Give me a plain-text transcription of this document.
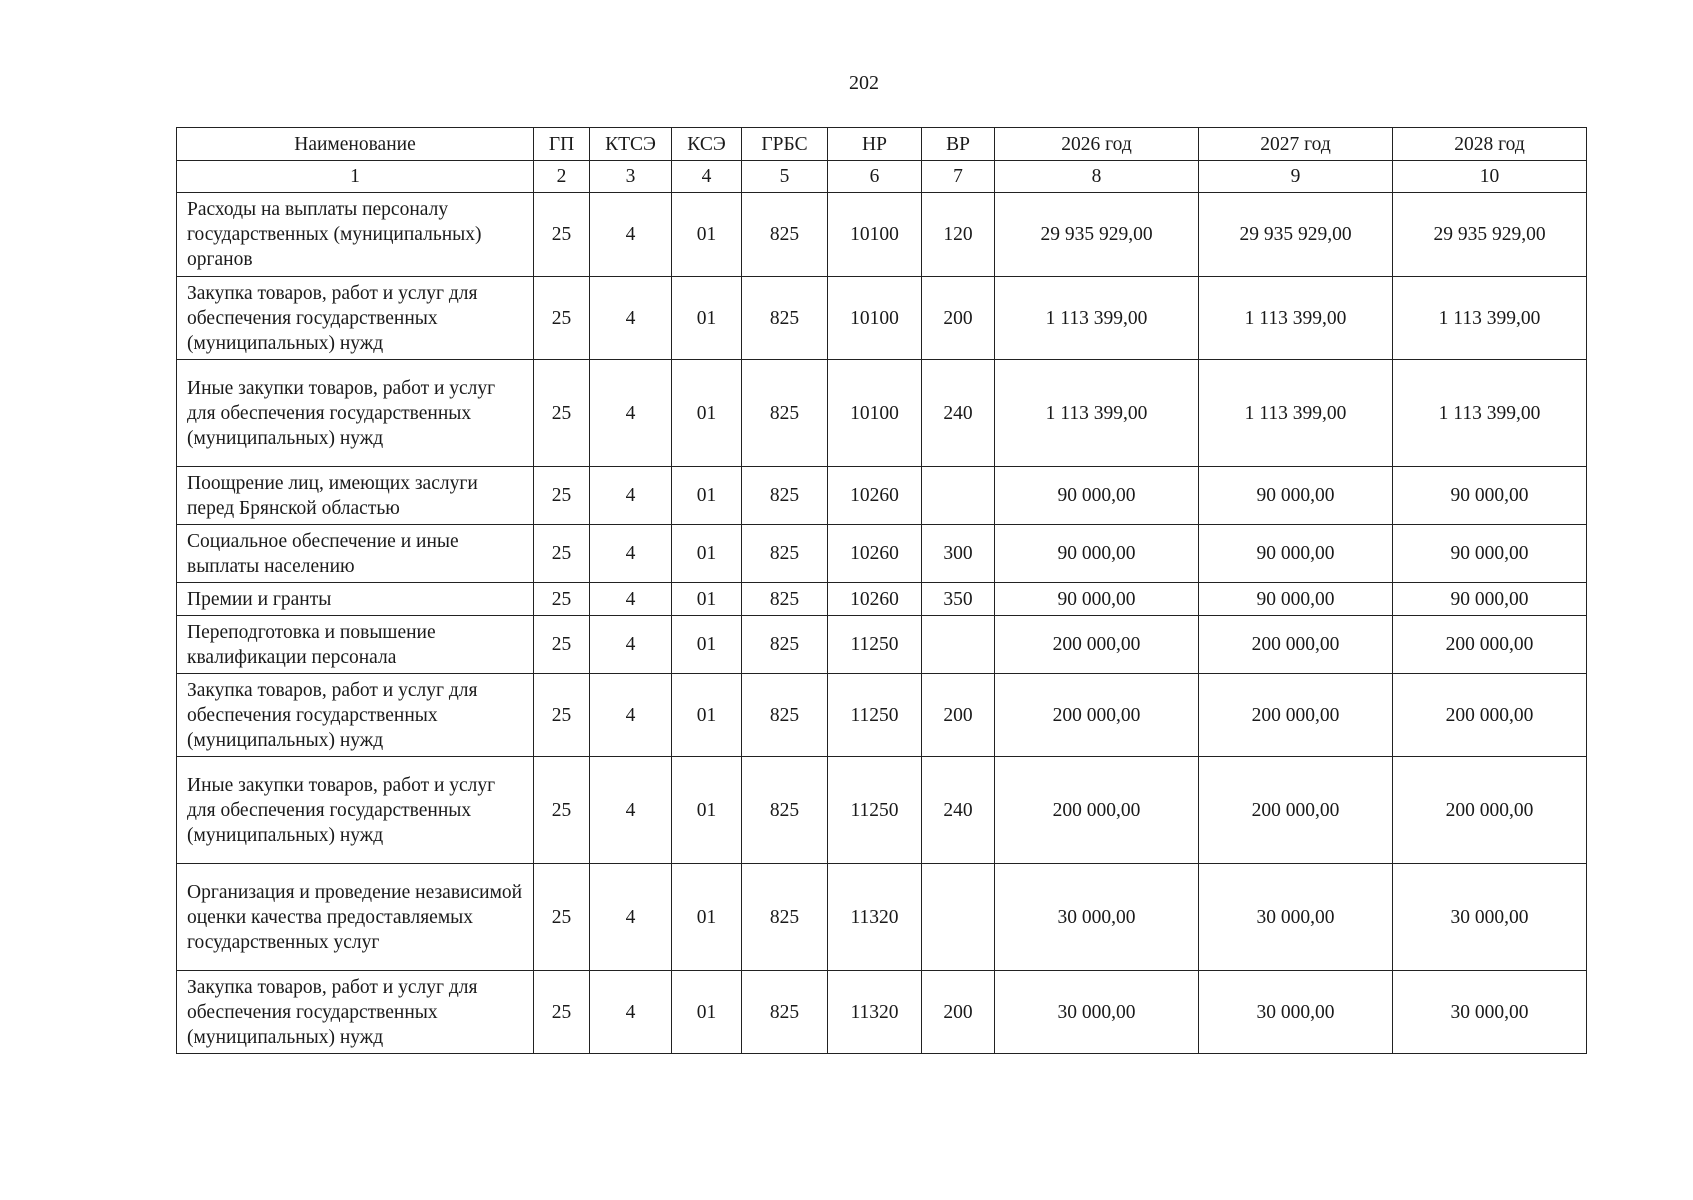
202
Наименование	ГП	КТСЭ	КСЭ	ГРБС	НР	ВР	2026 год	2027 год	2028 год
1	2	3	4	5	6	7	8	9	10
Расходы на выплаты персоналу государственных (муниципальных) органов	25	4	01	825	10100	120	29 935 929,00	29 935 929,00	29 935 929,00
Закупка товаров, работ и услуг для обеспечения государственных (муниципальных) нужд	25	4	01	825	10100	200	1 113 399,00	1 113 399,00	1 113 399,00
Иные закупки товаров, работ и услуг для обеспечения государственных (муниципальных) нужд	25	4	01	825	10100	240	1 113 399,00	1 113 399,00	1 113 399,00
Поощрение лиц, имеющих заслуги перед Брянской областью	25	4	01	825	10260		90 000,00	90 000,00	90 000,00
Социальное обеспечение и иные выплаты населению	25	4	01	825	10260	300	90 000,00	90 000,00	90 000,00
Премии и гранты	25	4	01	825	10260	350	90 000,00	90 000,00	90 000,00
Переподготовка и повышение квалификации персонала	25	4	01	825	11250		200 000,00	200 000,00	200 000,00
Закупка товаров, работ и услуг для обеспечения государственных (муниципальных) нужд	25	4	01	825	11250	200	200 000,00	200 000,00	200 000,00
Иные закупки товаров, работ и услуг для обеспечения государственных (муниципальных) нужд	25	4	01	825	11250	240	200 000,00	200 000,00	200 000,00
Организация и проведение независимой оценки качества предоставляемых государственных услуг	25	4	01	825	11320		30 000,00	30 000,00	30 000,00
Закупка товаров, работ и услуг для обеспечения государственных (муниципальных) нужд	25	4	01	825	11320	200	30 000,00	30 000,00	30 000,00
